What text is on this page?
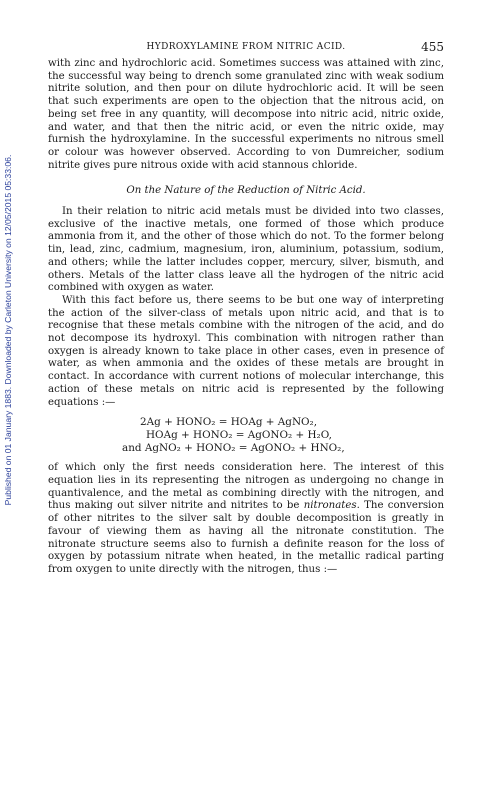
Published on 01 January 1883. Downloaded by Carleton University on 12/05/2015 05:33:06.
HYDROXYLAMINE FROM NITRIC ACID.	455

with zinc and hydrochloric acid. Sometimes success was attained with zinc, the successful way being to drench some granulated zinc with weak sodium nitrite solution, and then pour on dilute hydrochloric acid. It will be seen that such experiments are open to the objection that the nitrous acid, on being set free in any quantity, will decompose into nitric acid, nitric oxide, and water, and that then the nitric acid, or even the nitric oxide, may furnish the hydroxylamine. In the successful experiments no nitrous smell or colour was however observed. According to von Dumreicher, sodium nitrite gives pure nitrous oxide with acid stannous chloride.

On the Nature of the Reduction of Nitric Acid.

In their relation to nitric acid metals must be divided into two classes, exclusive of the inactive metals, one formed of those which produce ammonia from it, and the other of those which do not. To the former belong tin, lead, zinc, cadmium, magnesium, iron, aluminium, potassium, sodium, and others; while the latter includes copper, mercury, silver, bismuth, and others. Metals of the latter class leave all the hydrogen of the nitric acid combined with oxygen as water.

With this fact before us, there seems to be but one way of interpreting the action of the silver-class of metals upon nitric acid, and that is to recognise that these metals combine with the nitrogen of the acid, and do not decompose its hydroxyl. This combination with nitrogen rather than oxygen is already known to take place in other cases, even in presence of water, as when ammonia and the oxides of these metals are brought in contact. In accordance with current notions of molecular interchange, this action of these metals on nitric acid is represented by the following equations :—

2Ag + HONO₂ = HOAg + AgNO₂,
HOAg + HONO₂ = AgONO₂ + H₂O,
and AgNO₂ + HONO₂ = AgONO₂ + HNO₂,

of which only the first needs consideration here. The interest of this equation lies in its representing the nitrogen as undergoing no change in quantivalence, and the metal as combining directly with the nitrogen, and thus making out silver nitrite and nitrites to be nitronates. The conversion of other nitrites to the silver salt by double decomposition is greatly in favour of viewing them as having all the nitronate constitution. The nitronate structure seems also to furnish a definite reason for the loss of oxygen by potassium nitrate when heated, in the metallic radical parting from oxygen to unite directly with the nitrogen, thus :—
